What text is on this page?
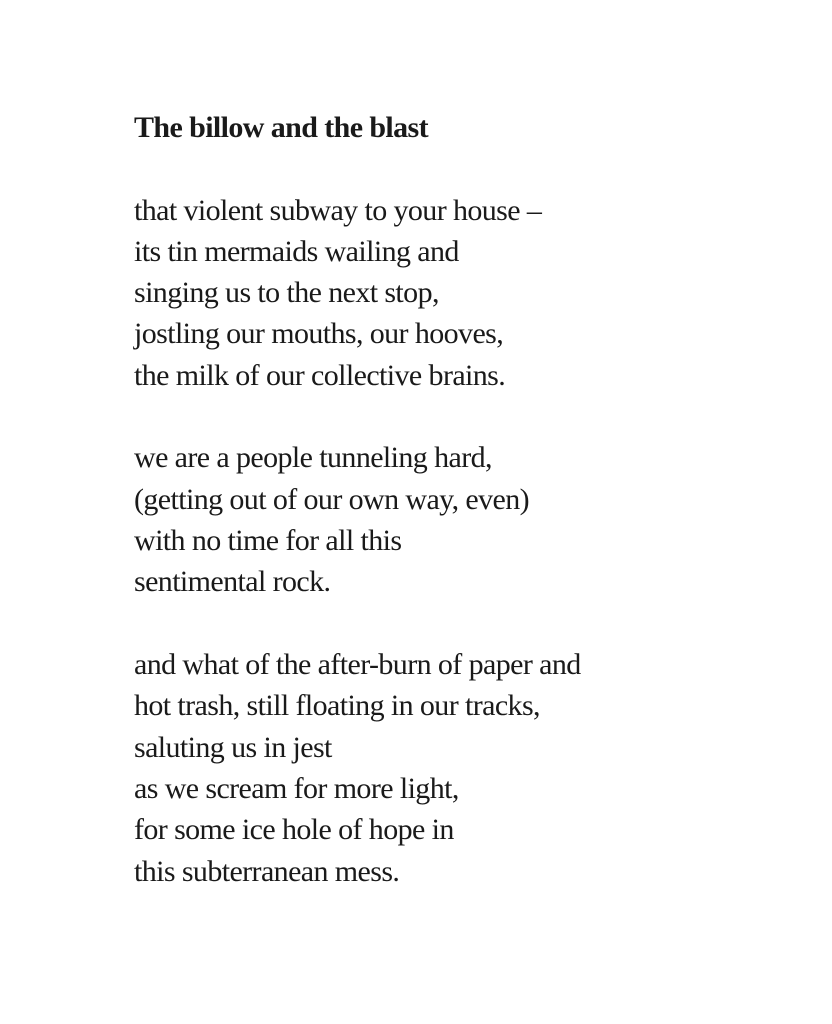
The billow and the blast
that violent subway to your house –
its tin mermaids wailing and
singing us to the next stop,
jostling our mouths, our hooves,
the milk of our collective brains.
we are a people tunneling hard,
(getting out of our own way, even)
with no time for all this
sentimental rock.
and what of the after-burn of paper and
hot trash, still floating in our tracks,
saluting us in jest
as we scream for more light,
for some ice hole of hope in
this subterranean mess.
